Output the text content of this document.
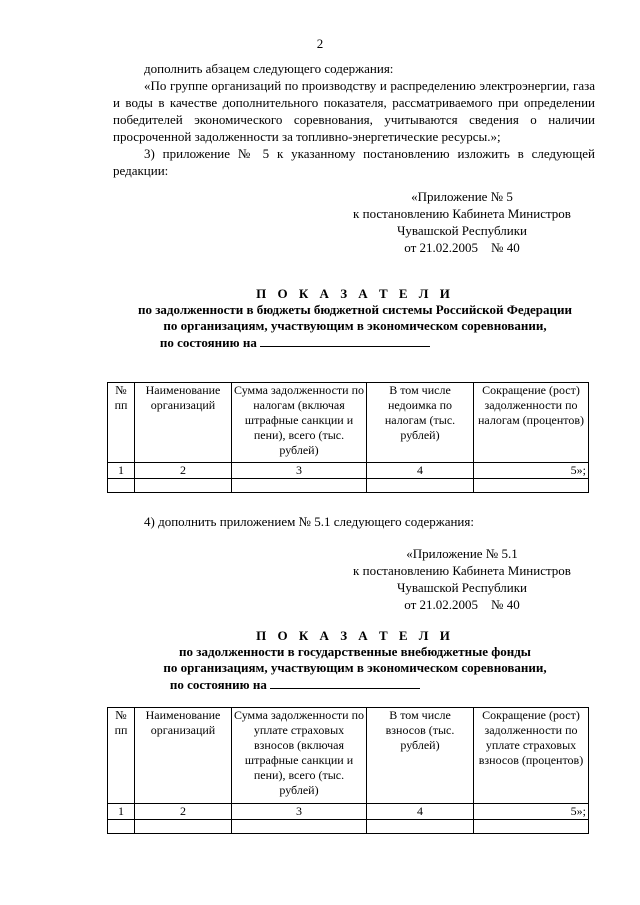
2
дополнить абзацем следующего содержания:
«По группе организаций по производству и распределению электроэнергии, газа и воды в качестве дополнительного показателя, рассматриваемого при определении победителей экономического соревнования, учитываются сведения о наличии просроченной задолженности за топливно-энергетические ресурсы.»;
3) приложение № 5 к указанному постановлению изложить в следующей редакции:
«Приложение № 5
к постановлению Кабинета Министров
Чувашской Республики
от 21.02.2005    № 40
П О К А З А Т Е Л И
по задолженности в бюджеты бюджетной системы Российской Федерации
по организациям, участвующим в экономическом соревновании,
по состоянию на
№ пп	Наименование организаций	Сумма задолженности по налогам (включая штрафные санкции и пени), всего (тыс. рублей)	В том числе недоимка по налогам (тыс. рублей)	Сокращение (рост) задолженности по налогам (процентов)
1	2	3	4	5»;

4) дополнить приложением № 5.1 следующего содержания:
«Приложение № 5.1
к постановлению Кабинета Министров
Чувашской Республики
от 21.02.2005    № 40
П О К А З А Т Е Л И
по задолженности в государственные внебюджетные фонды
по организациям, участвующим в экономическом соревновании,
по состоянию на
№ пп	Наименование организаций	Сумма задолженности по уплате страховых взносов (включая штрафные санкции и пени), всего (тыс. рублей)	В том числе взносов (тыс. рублей)	Сокращение (рост) задолженности по уплате страховых взносов (процентов)
1	2	3	4	5»;
